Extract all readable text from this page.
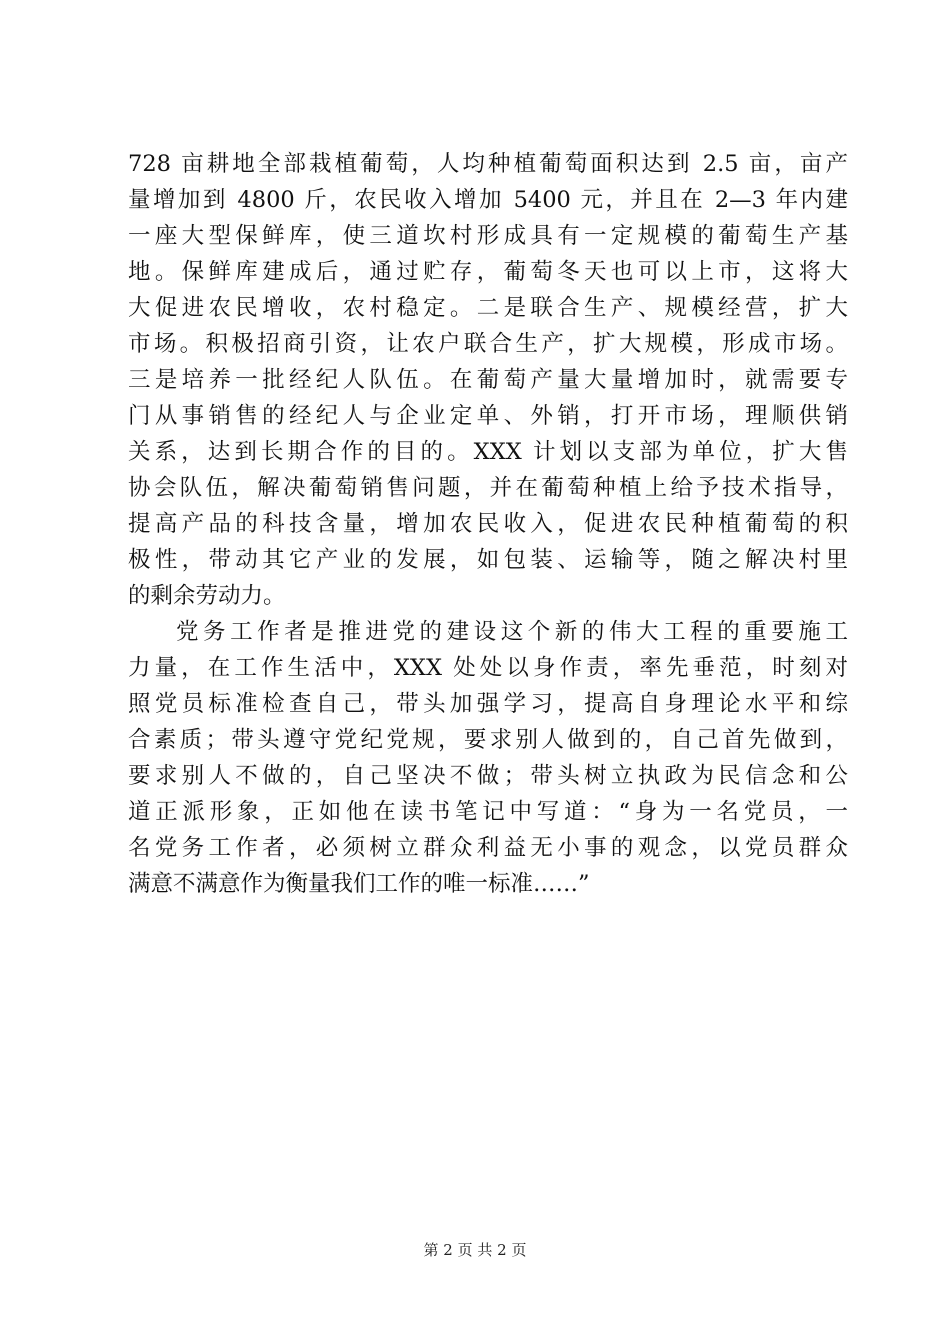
728 亩耕地全部栽植葡萄，人均种植葡萄面积达到 2.5 亩，亩产
量增加到 4800 斤，农民收入增加 5400 元，并且在 2—3 年内建
一座大型保鲜库，使三道坎村形成具有一定规模的葡萄生产基
地。保鲜库建成后，通过贮存，葡萄冬天也可以上市，这将大
大促进农民增收，农村稳定。二是联合生产、规模经营，扩大
市场。积极招商引资，让农户联合生产，扩大规模，形成市场。
三是培养一批经纪人队伍。在葡萄产量大量增加时，就需要专
门从事销售的经纪人与企业定单、外销，打开市场，理顺供销
关系，达到长期合作的目的。XXX 计划以支部为单位，扩大售
协会队伍，解决葡萄销售问题，并在葡萄种植上给予技术指导，
提高产品的科技含量，增加农民收入，促进农民种植葡萄的积
极性，带动其它产业的发展，如包装、运输等，随之解决村里
的剩余劳动力。
党务工作者是推进党的建设这个新的伟大工程的重要施工
力量，在工作生活中，XXX 处处以身作责，率先垂范，时刻对
照党员标准检查自己，带头加强学习，提高自身理论水平和综
合素质；带头遵守党纪党规，要求别人做到的，自己首先做到，
要求别人不做的，自己坚决不做；带头树立执政为民信念和公
道正派形象，正如他在读书笔记中写道：“身为一名党员，一
名党务工作者，必须树立群众利益无小事的观念，以党员群众
满意不满意作为衡量我们工作的唯一标准……”
第 2 页 共 2 页
